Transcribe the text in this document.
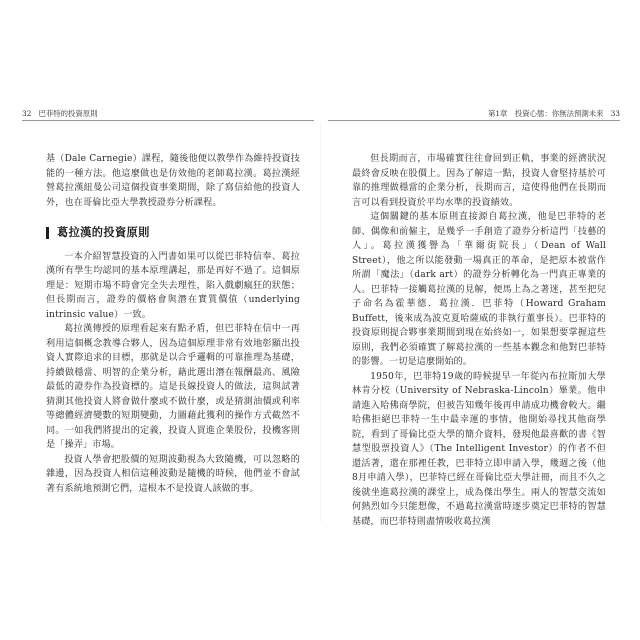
32 巴菲特的投資原則	第1章　投資心態：你無法預測未來 33

基（Dale Carnegie）課程，隨後他便以教學作為維持投資技能的一種方法。他這麼做也是仿效他的老師葛拉漢。葛拉漢經營葛拉漢紐曼公司這個投資事業期間，除了寫信給他的投資人外，也在哥倫比亞大學教授證券分析課程。

葛拉漢的投資原則

一本介紹智慧投資的入門書如果可以從巴菲特信奉、葛拉漢所有學生均認同的基本原理講起，那是再好不過了。這個原理是：短期市場不時會完全失去理性，陷入戲劇瘋狂的狀態；但長期而言，證券的價格會與潛在實質價值（underlying intrinsic value）一致。

葛拉漢傳授的原理看起來有點矛盾，但巴菲特在信中一再利用這個概念教導合夥人，因為這個原理非常有效地彰顯出投資人實際追求的目標，那就是以合乎邏輯的可靠推理為基礎，持續做穩當、明智的企業分析，藉此選出潛在報酬最高、風險最低的證券作為投資標的。這是長線投資人的做法，這與試著猜測其他投資人將會做什麼或不做什麼，或是猜測油價或利率等總體經濟變數的短期變動，力圖藉此獲利的操作方式截然不同。一如我們將提出的定義，投資人買進企業股份，投機客則是「操弄」市場。

投資人學會把股價的短期波動視為大致隨機，可以忽略的雜邊，因為投資人相信這種波動是隨機的時候，他們並不會試著有系統地預測它們，這根本不是投資人該做的事。

但長期而言，市場確實往往會回到正軌，事業的經濟狀況最終會反映在股價上。因為了解這一點，投資人會堅持基於可靠的推理做穩當的企業分析，長期而言，這使得他們在長期而言可以看到投資於平均水準的投資績效。

這個關鍵的基本原則直接源自葛拉漢，他是巴菲特的老師、偶像和前僱主，是幾乎一手創造了證券分析這門「技藝的人」。葛拉漢獲譽為「華爾街院長」（Dean of Wall Street），他之所以能發動一場真正的革命，是把原本被當作所謂「魔法」（dark art）的證券分析轉化為一門真正專業的人。巴菲特一接觸葛拉漢的見解，便馬上為之著迷，甚至把兒子命名為霍華德．葛拉漢．巴菲特（Howard Graham Buffett，後來成為波克夏哈薩威的非執行董事長）。巴菲特的投資原則提合夥事業期間到現在始終如一，如果想要掌握這些原則，我們必須確實了解葛拉漢的一些基本觀念和他對巴菲特的影響。一切是這麼開始的。

1950年，巴菲特19歲的時候提早一年從內布拉斯加大學林肯分校（University of Nebraska-Lincoln）畢業。他申請進入哈佛商學院，但被告知幾年後再申請成功機會較大。繼哈佛拒絕巴菲特一生中最幸運的事情，他開始尋找其他商學院，看到了哥倫比亞大學的簡介資料，發現他最喜歡的書《智慧型股票投資人》（The Intelligent Investor）的作者不但還活著，還在那裡任教，巴菲特立即申請入學，幾週之後（他8月申請入學），巴菲特已經在哥倫比亞大學註冊，而且不久之後就坐進葛拉漢的課堂上，成為傑出學生。兩人的智慧交流如何熱烈如今只能想像，不過葛拉漢當時逐步奠定巴菲特的智慧基礎，而巴菲特則盡情吸收葛拉漢
